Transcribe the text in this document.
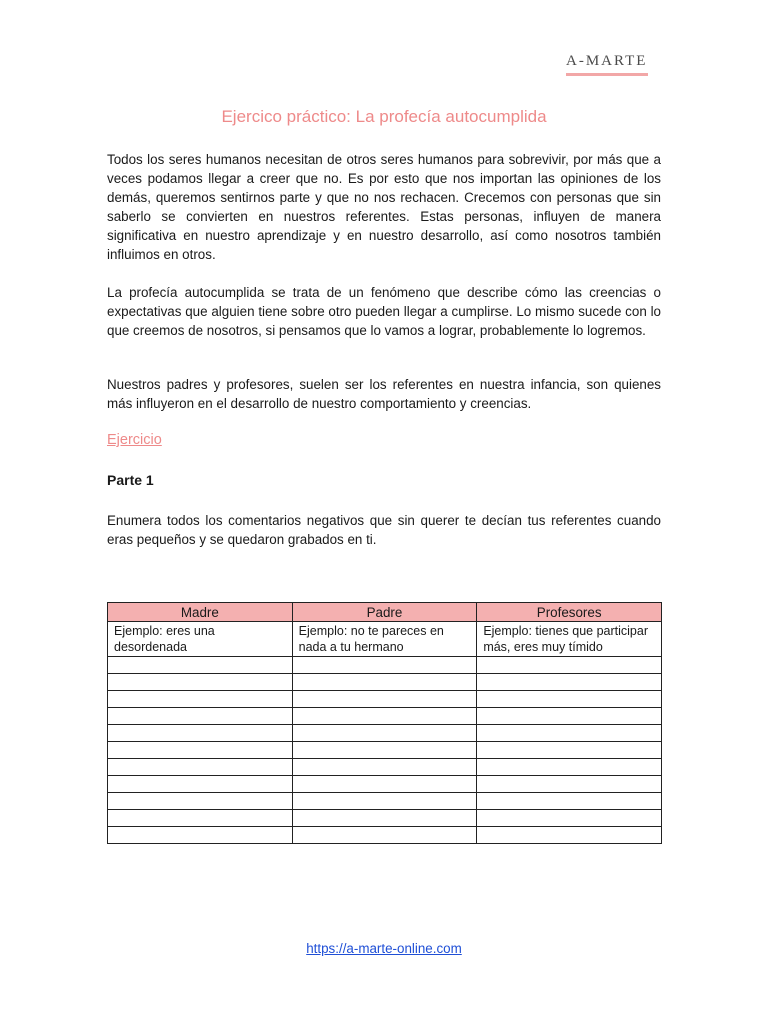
A-MARTE
Ejercico práctico: La profecía autocumplida
Todos los seres humanos necesitan de otros seres humanos para sobrevivir, por más que a veces podamos llegar a creer que no. Es por esto que nos importan las opiniones de los demás, queremos sentirnos parte y que no nos rechacen. Crecemos con personas que sin saberlo se convierten en nuestros referentes. Estas personas, influyen de manera significativa en nuestro aprendizaje y en nuestro desarrollo, así como nosotros también influimos en otros.
La profecía autocumplida se trata de un fenómeno que describe cómo las creencias o expectativas que alguien tiene sobre otro pueden llegar a cumplirse. Lo mismo sucede con lo que creemos de nosotros, si pensamos que lo vamos a lograr, probablemente lo logremos.
Nuestros padres y profesores, suelen ser los referentes en nuestra infancia, son quienes más influyeron en el desarrollo de nuestro comportamiento y creencias.
Ejercicio
Parte 1
Enumera todos los comentarios negativos que sin querer te decían tus referentes cuando eras pequeños y se quedaron grabados en ti.
Madre	Padre	Profesores
Ejemplo: eres una desordenada	Ejemplo: no te pareces en nada a tu hermano	Ejemplo: tienes que participar más, eres muy tímido

https://a-marte-online.com
